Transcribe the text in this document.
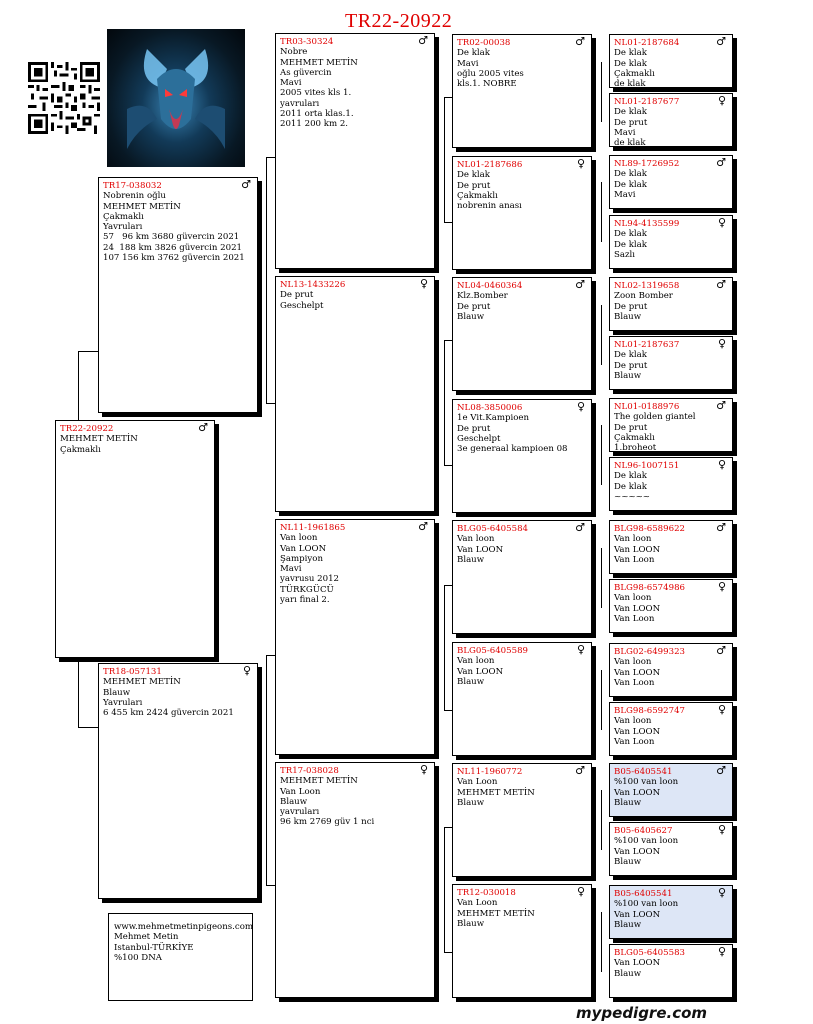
TR22-20922
TR22-20922	♂
MEHMET METİN
Çakmaklı
TR17-038032	♂
Nobrenin oğlu
MEHMET METİN
Çakmaklı
Yavruları
57   96 km 3680 güvercin 2021
24  188 km 3826 güvercin 2021
107 156 km 3762 güvercin 2021
TR18-057131	♀
MEHMET METİN
Blauw
Yavruları
6 455 km 2424 güvercin 2021
TR03-30324	♂
Nobre
MEHMET METİN
As güvercin
Mavi
2005 vites kls 1.
yavruları
2011 orta klas.1.
2011 200 km 2.
NL13-1433226	♀
De prut
Geschelpt
NL11-1961865	♂
Van loon
Van LOON
Şampiyon
Mavi
yavrusu 2012
TÜRKGÜCÜ
yarı final 2.
TR17-038028	♀
MEHMET METİN
Van Loon
Blauw
yavruları
96 km 2769 güv 1 nci
TR02-00038	♂
De klak
Mavi
oğlu 2005 vites
kls.1. NOBRE
NL01-2187686	♀
De klak
De prut
Çakmaklı
nobrenin anası
NL04-0460364	♂
Klz.Bomber
De prut
Blauw
NL08-3850006	♀
1e Vit.Kampioen
De prut
Geschelpt
3e generaal kampioen 08
BLG05-6405584	♂
Van loon
Van LOON
Blauw
BLG05-6405589	♀
Van loon
Van LOON
Blauw
NL11-1960772	♂
Van Loon
MEHMET METİN
Blauw
TR12-030018	♀
Van Loon
MEHMET METİN
Blauw
NL01-2187684	♂
De klak
De klak
Çakmaklı
de klak
NL01-2187677	♀
De klak
De prut
Mavi
de klak
NL89-1726952	♂
De klak
De klak
Mavi
NL94-4135599	♀
De klak
De klak
Sazlı
NL02-1319658	♂
Zoon Bomber
De prut
Blauw
NL01-2187637	♀
De klak
De prut
Blauw
NL01-0188976	♂
The golden giantel
De prut
Çakmaklı
1.broheot
NL96-1007151	♀
De klak
De klak
~~~~~
BLG98-6589622	♂
Van loon
Van LOON
Van Loon
BLG98-6574986	♀
Van loon
Van LOON
Van Loon
BLG02-6499323	♂
Van loon
Van LOON
Van Loon
BLG98-6592747	♀
Van loon
Van LOON
Van Loon
B05-6405541	♂
%100 van loon
Van LOON
Blauw
B05-6405627	♀
%100 van loon
Van LOON
Blauw
B05-6405541	♀
%100 van loon
Van LOON
Blauw
BLG05-6405583	♀
Van LOON
Blauw
www.mehmetmetinpigeons.com
Mehmet Metin
Istanbul-TÜRKİYE
%100 DNA
mypedigre.com
